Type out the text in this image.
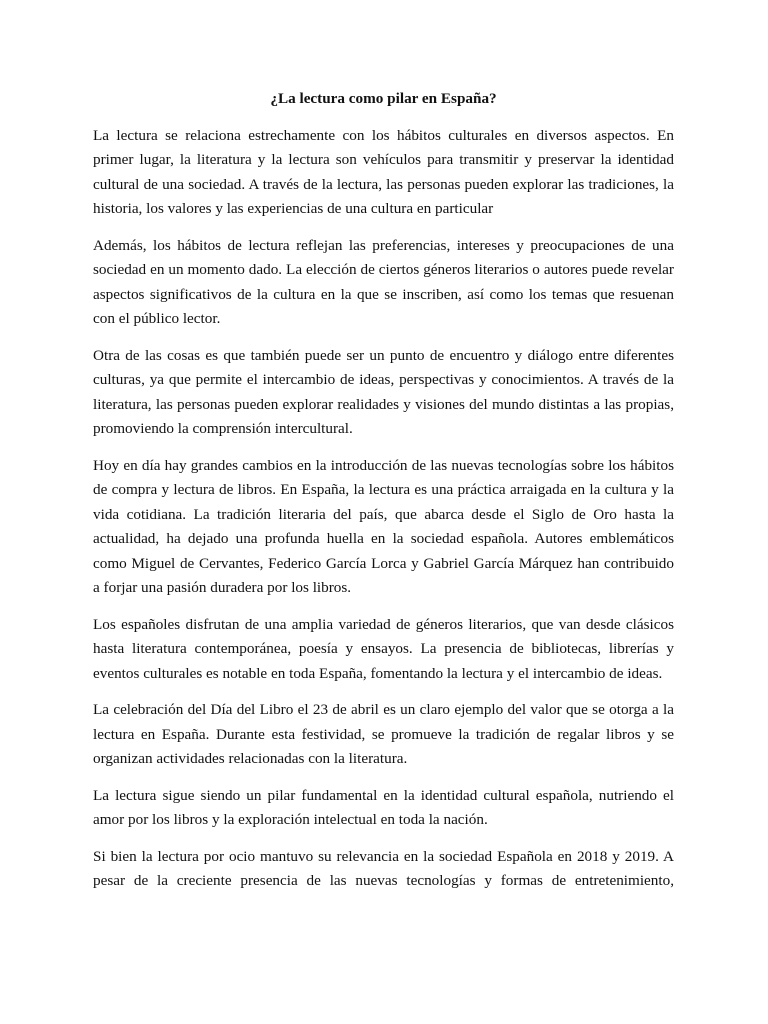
¿La lectura como pilar en España?

La lectura se relaciona estrechamente con los hábitos culturales en diversos aspectos. En primer lugar, la literatura y la lectura son vehículos para transmitir y preservar la identidad cultural de una sociedad. A través de la lectura, las personas pueden explorar las tradiciones, la historia, los valores y las experiencias de una cultura en particular

Además, los hábitos de lectura reflejan las preferencias, intereses y preocupaciones de una sociedad en un momento dado. La elección de ciertos géneros literarios o autores puede revelar aspectos significativos de la cultura en la que se inscriben, así como los temas que resuenan con el público lector.

Otra de las cosas es que también puede ser un punto de encuentro y diálogo entre diferentes culturas, ya que permite el intercambio de ideas, perspectivas y conocimientos. A través de la literatura, las personas pueden explorar realidades y visiones del mundo distintas a las propias, promoviendo la comprensión intercultural.

Hoy en día hay grandes cambios en la introducción de las nuevas tecnologías sobre los hábitos de compra y lectura de libros. En España, la lectura es una práctica arraigada en la cultura y la vida cotidiana. La tradición literaria del país, que abarca desde el Siglo de Oro hasta la actualidad, ha dejado una profunda huella en la sociedad española. Autores emblemáticos como Miguel de Cervantes, Federico García Lorca y Gabriel García Márquez han contribuido a forjar una pasión duradera por los libros.

Los españoles disfrutan de una amplia variedad de géneros literarios, que van desde clásicos hasta literatura contemporánea, poesía y ensayos. La presencia de bibliotecas, librerías y eventos culturales es notable en toda España, fomentando la lectura y el intercambio de ideas.

La celebración del Día del Libro el 23 de abril es un claro ejemplo del valor que se otorga a la lectura en España. Durante esta festividad, se promueve la tradición de regalar libros y se organizan actividades relacionadas con la literatura.

La lectura sigue siendo un pilar fundamental en la identidad cultural española, nutriendo el amor por los libros y la exploración intelectual en toda la nación.

Si bien la lectura por ocio mantuvo su relevancia en la sociedad Española en 2018 y 2019. A pesar de la creciente presencia de las nuevas tecnologías y formas de entretenimiento,
